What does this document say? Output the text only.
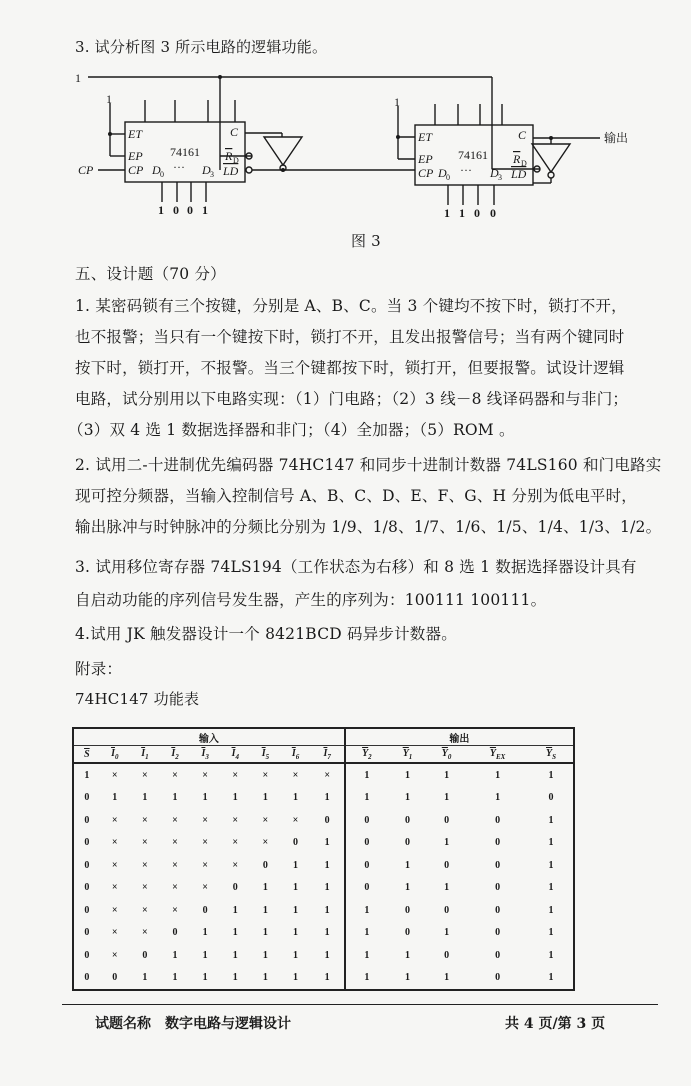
3. 试分析图 3 所示电路的逻辑功能。
1
1	1
CP
输出
ET
EP
CP
C
R D
LD
D 0	D 3
ET
EP
CP
C
R D
LD
D 0	D 3
···	···
74161	74161
1 0 0 1	1 1 0 0
图 3
五、设计题（70 分）
1. 某密码锁有三个按键，分别是 A、B、C。当 3 个键均不按下时，锁打不开，
也不报警；当只有一个键按下时，锁打不开，且发出报警信号；当有两个键同时
按下时，锁打开，不报警。当三个键都按下时，锁打开，但要报警。试设计逻辑
电路，试分别用以下电路实现：（1）门电路；（2）3 线－8 线译码器和与非门；
（3）双 4 选 1 数据选择器和非门；（4）全加器；（5）ROM 。
2. 试用二-十进制优先编码器 74HC147 和同步十进制计数器 74LS160 和门电路实
现可控分频器，当输入控制信号 A、B、C、D、E、F、G、H 分别为低电平时，
输出脉冲与时钟脉冲的分频比分别为 1/9、1/8、1/7、1/6、1/5、1/4、1/3、1/2。
3. 试用移位寄存器 74LS194（工作状态为右移）和 8 选 1 数据选择器设计具有
自启动功能的序列信号发生器，产生的序列为：100111 100111。
4.试用 JK 触发器设计一个 8421BCD 码异步计数器。
附录：
74HC147 功能表
输入									输出				
$\overline{S}$	$\overline{I}_0$	$\overline{I}_1$	$\overline{I}_2$	$\overline{I}_3$	$\overline{I}_4$	$\overline{I}_5$	$\overline{I}_6$	$\overline{I}_7$	$\overline{Y}_2$	$\overline{Y}_1$	$\overline{Y}_0$	$\overline{Y}_{EX}$	$\overline{Y}_S$
1	×	×	×	×	×	×	×	×	1	1	1	1	1
0	1	1	1	1	1	1	1	1	1	1	1	1	0
0	×	×	×	×	×	×	×	0	0	0	0	0	1
0	×	×	×	×	×	×	0	1	0	0	1	0	1
0	×	×	×	×	×	0	1	1	0	1	0	0	1
0	×	×	×	×	0	1	1	1	0	1	1	0	1
0	×	×	×	0	1	1	1	1	1	0	0	0	1
0	×	×	0	1	1	1	1	1	1	0	1	0	1
0	×	0	1	1	1	1	1	1	1	1	0	0	1
0	0	1	1	1	1	1	1	1	1	1	1	0	1
试题名称 数字电路与逻辑设计	共 4 页/第 3 页
